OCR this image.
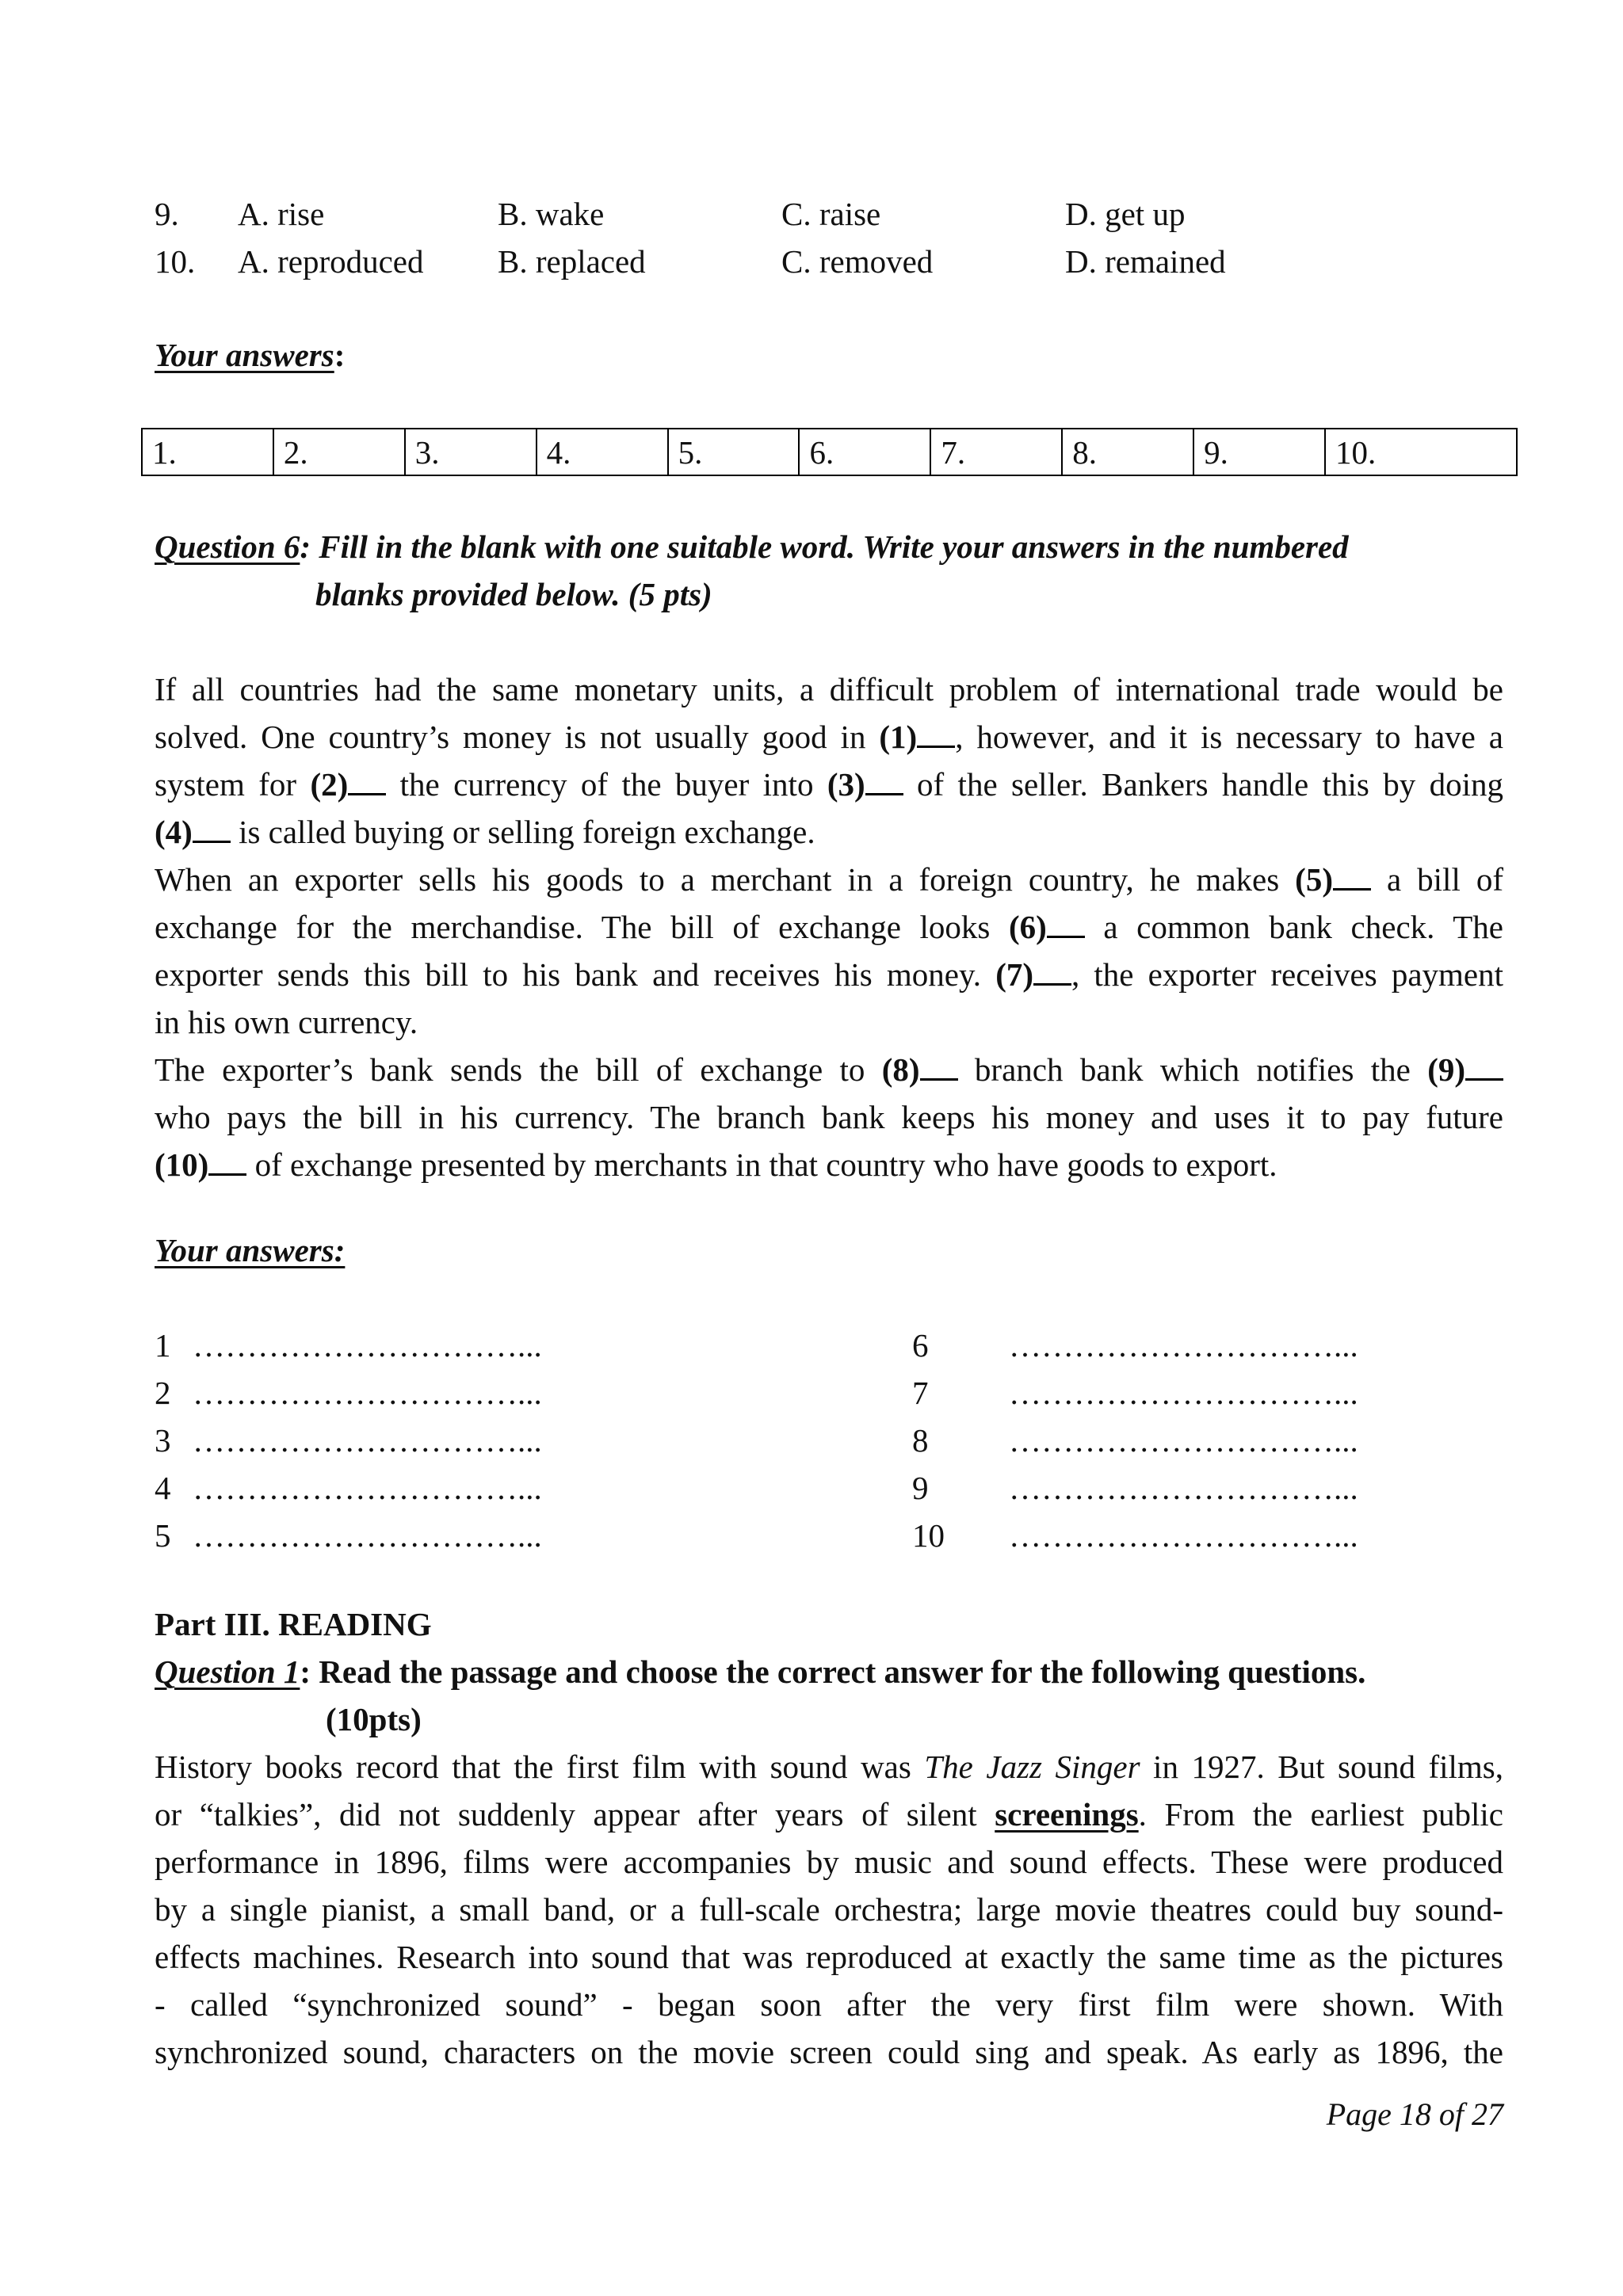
9. A. rise	B. wake	C. raise	D. get up
10. A. reproduced B. replaced	C. removed	D. remained
Your answers:
1.	2.	3.	4.	5.	6.	7.	8.	9.	10.
Question 6: Fill in the blank with one suitable word. Write your answers in the numbered
blanks provided below. (5 pts)
If all countries had the same monetary units, a difficult problem of international trade would be
solved. One country’s money is not usually good in (1) , however, and it is necessary to have a
system for (2) the currency of the buyer into (3) of the seller. Bankers handle this by doing
(4) is called buying or selling foreign exchange.
When an exporter sells his goods to a merchant in a foreign country, he makes (5) a bill of
exchange for the merchandise. The bill of exchange looks (6) a common bank check. The
exporter sends this bill to his bank and receives his money. (7) , the exporter receives payment
in his own currency.
The exporter’s bank sends the bill of exchange to (8) branch bank which notifies the (9)
who pays the bill in his currency. The branch bank keeps his money and uses it to pay future
(10) of exchange presented by merchants in that country who have goods to export.
Your answers:
1 …………………………...	6 …………………………...
2 …………………………...	7 …………………………...
3 …………………………...	8 …………………………...
4 …………………………...	9 …………………………...
5 …………………………...	10 …………………………...
Part III. READING
Question 1: Read the passage and choose the correct answer for the following questions.
(10pts)
History books record that the first film with sound was The Jazz Singer in 1927. But sound films,
or “talkies”, did not suddenly appear after years of silent screenings. From the earliest public
performance in 1896, films were accompanies by music and sound effects. These were produced
by a single pianist, a small band, or a full-scale orchestra; large movie theatres could buy sound-
effects machines. Research into sound that was reproduced at exactly the same time as the pictures
- called “synchronized sound” - began soon after the very first film were shown. With
synchronized sound, characters on the movie screen could sing and speak. As early as 1896, the
Page 18 of 27
